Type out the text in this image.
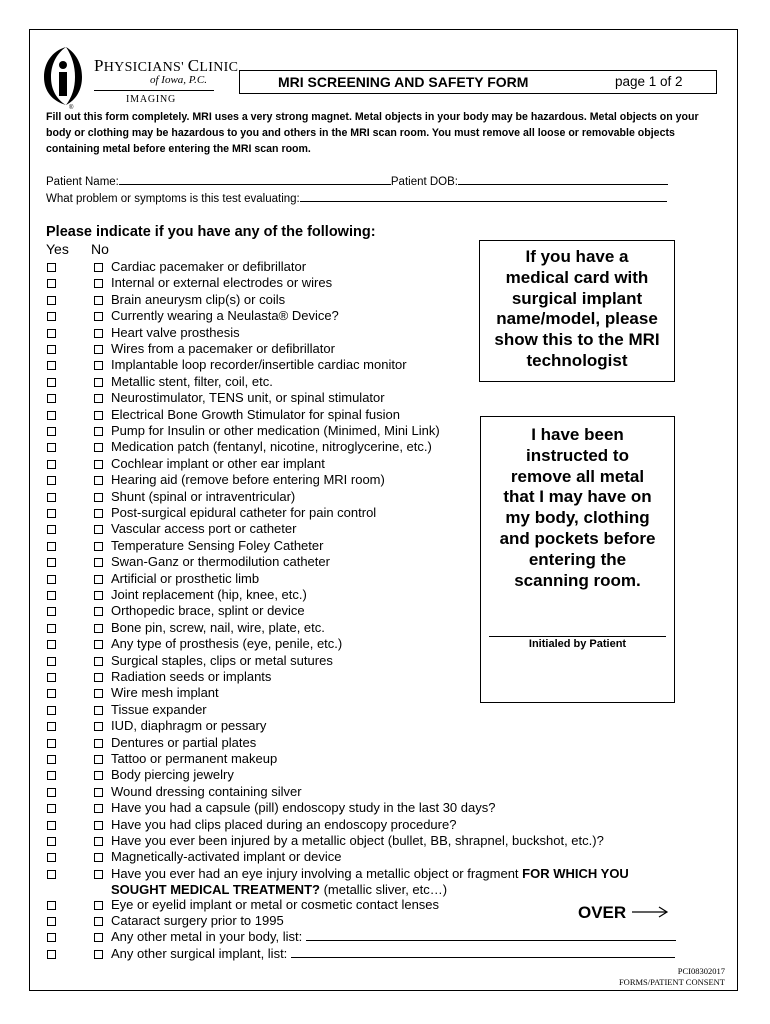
®
PHYSICIANS' CLINIC
of Iowa, P.C.
IMAGING
MRI SCREENING AND SAFETY FORM	page 1 of 2
Fill out this form completely. MRI uses a very strong magnet. Metal objects in your body may be hazardous. Metal objects on your body or clothing may be hazardous to you and others in the MRI scan room. You must remove all loose or removable objects containing metal before entering the MRI scan room.
Patient Name:	Patient DOB:
What problem or symptoms is this test evaluating:
Please indicate if you have any of the following:
Yes No
Cardiac pacemaker or defibrillator
Internal or external electrodes or wires
Brain aneurysm clip(s) or coils
Currently wearing a Neulasta® Device?
Heart valve prosthesis
Wires from a pacemaker or defibrillator
Implantable loop recorder/insertible cardiac monitor
Metallic stent, filter, coil, etc.
Neurostimulator, TENS unit, or spinal stimulator
Electrical Bone Growth Stimulator for spinal fusion
Pump for Insulin or other medication (Minimed, Mini Link)
Medication patch (fentanyl, nicotine, nitroglycerine, etc.)
Cochlear implant or other ear implant
Hearing aid (remove before entering MRI room)
Shunt (spinal or intraventricular)
Post-surgical epidural catheter for pain control
Vascular access port or catheter
Temperature Sensing Foley Catheter
Swan-Ganz or thermodilution catheter
Artificial or prosthetic limb
Joint replacement (hip, knee, etc.)
Orthopedic brace, splint or device
Bone pin, screw, nail, wire, plate, etc.
Any type of prosthesis (eye, penile, etc.)
Surgical staples, clips or metal sutures
Radiation seeds or implants
Wire mesh implant
Tissue expander
IUD, diaphragm or pessary
Dentures or partial plates
Tattoo or permanent makeup
Body piercing jewelry
Wound dressing containing silver
Have you had a capsule (pill) endoscopy study in the last 30 days?
Have you had clips placed during an endoscopy procedure?
Have you ever been injured by a metallic object (bullet, BB, shrapnel, buckshot, etc.)?
Magnetically-activated implant or device
Have you ever had an eye injury involving a metallic object or fragment FOR WHICH YOU
SOUGHT MEDICAL TREATMENT? (metallic sliver, etc…)
Eye or eyelid implant or metal or cosmetic contact lenses
Cataract surgery prior to 1995
Any other metal in your body, list:
Any other surgical implant, list:
If you have a
medical card with
surgical implant
name/model, please
show this to the MRI
technologist
I have been
instructed to
remove all metal
that I may have on
my body, clothing
and pockets before
entering the
scanning room.
Initialed by Patient
OVER
PCI08302017
FORMS/PATIENT CONSENT
